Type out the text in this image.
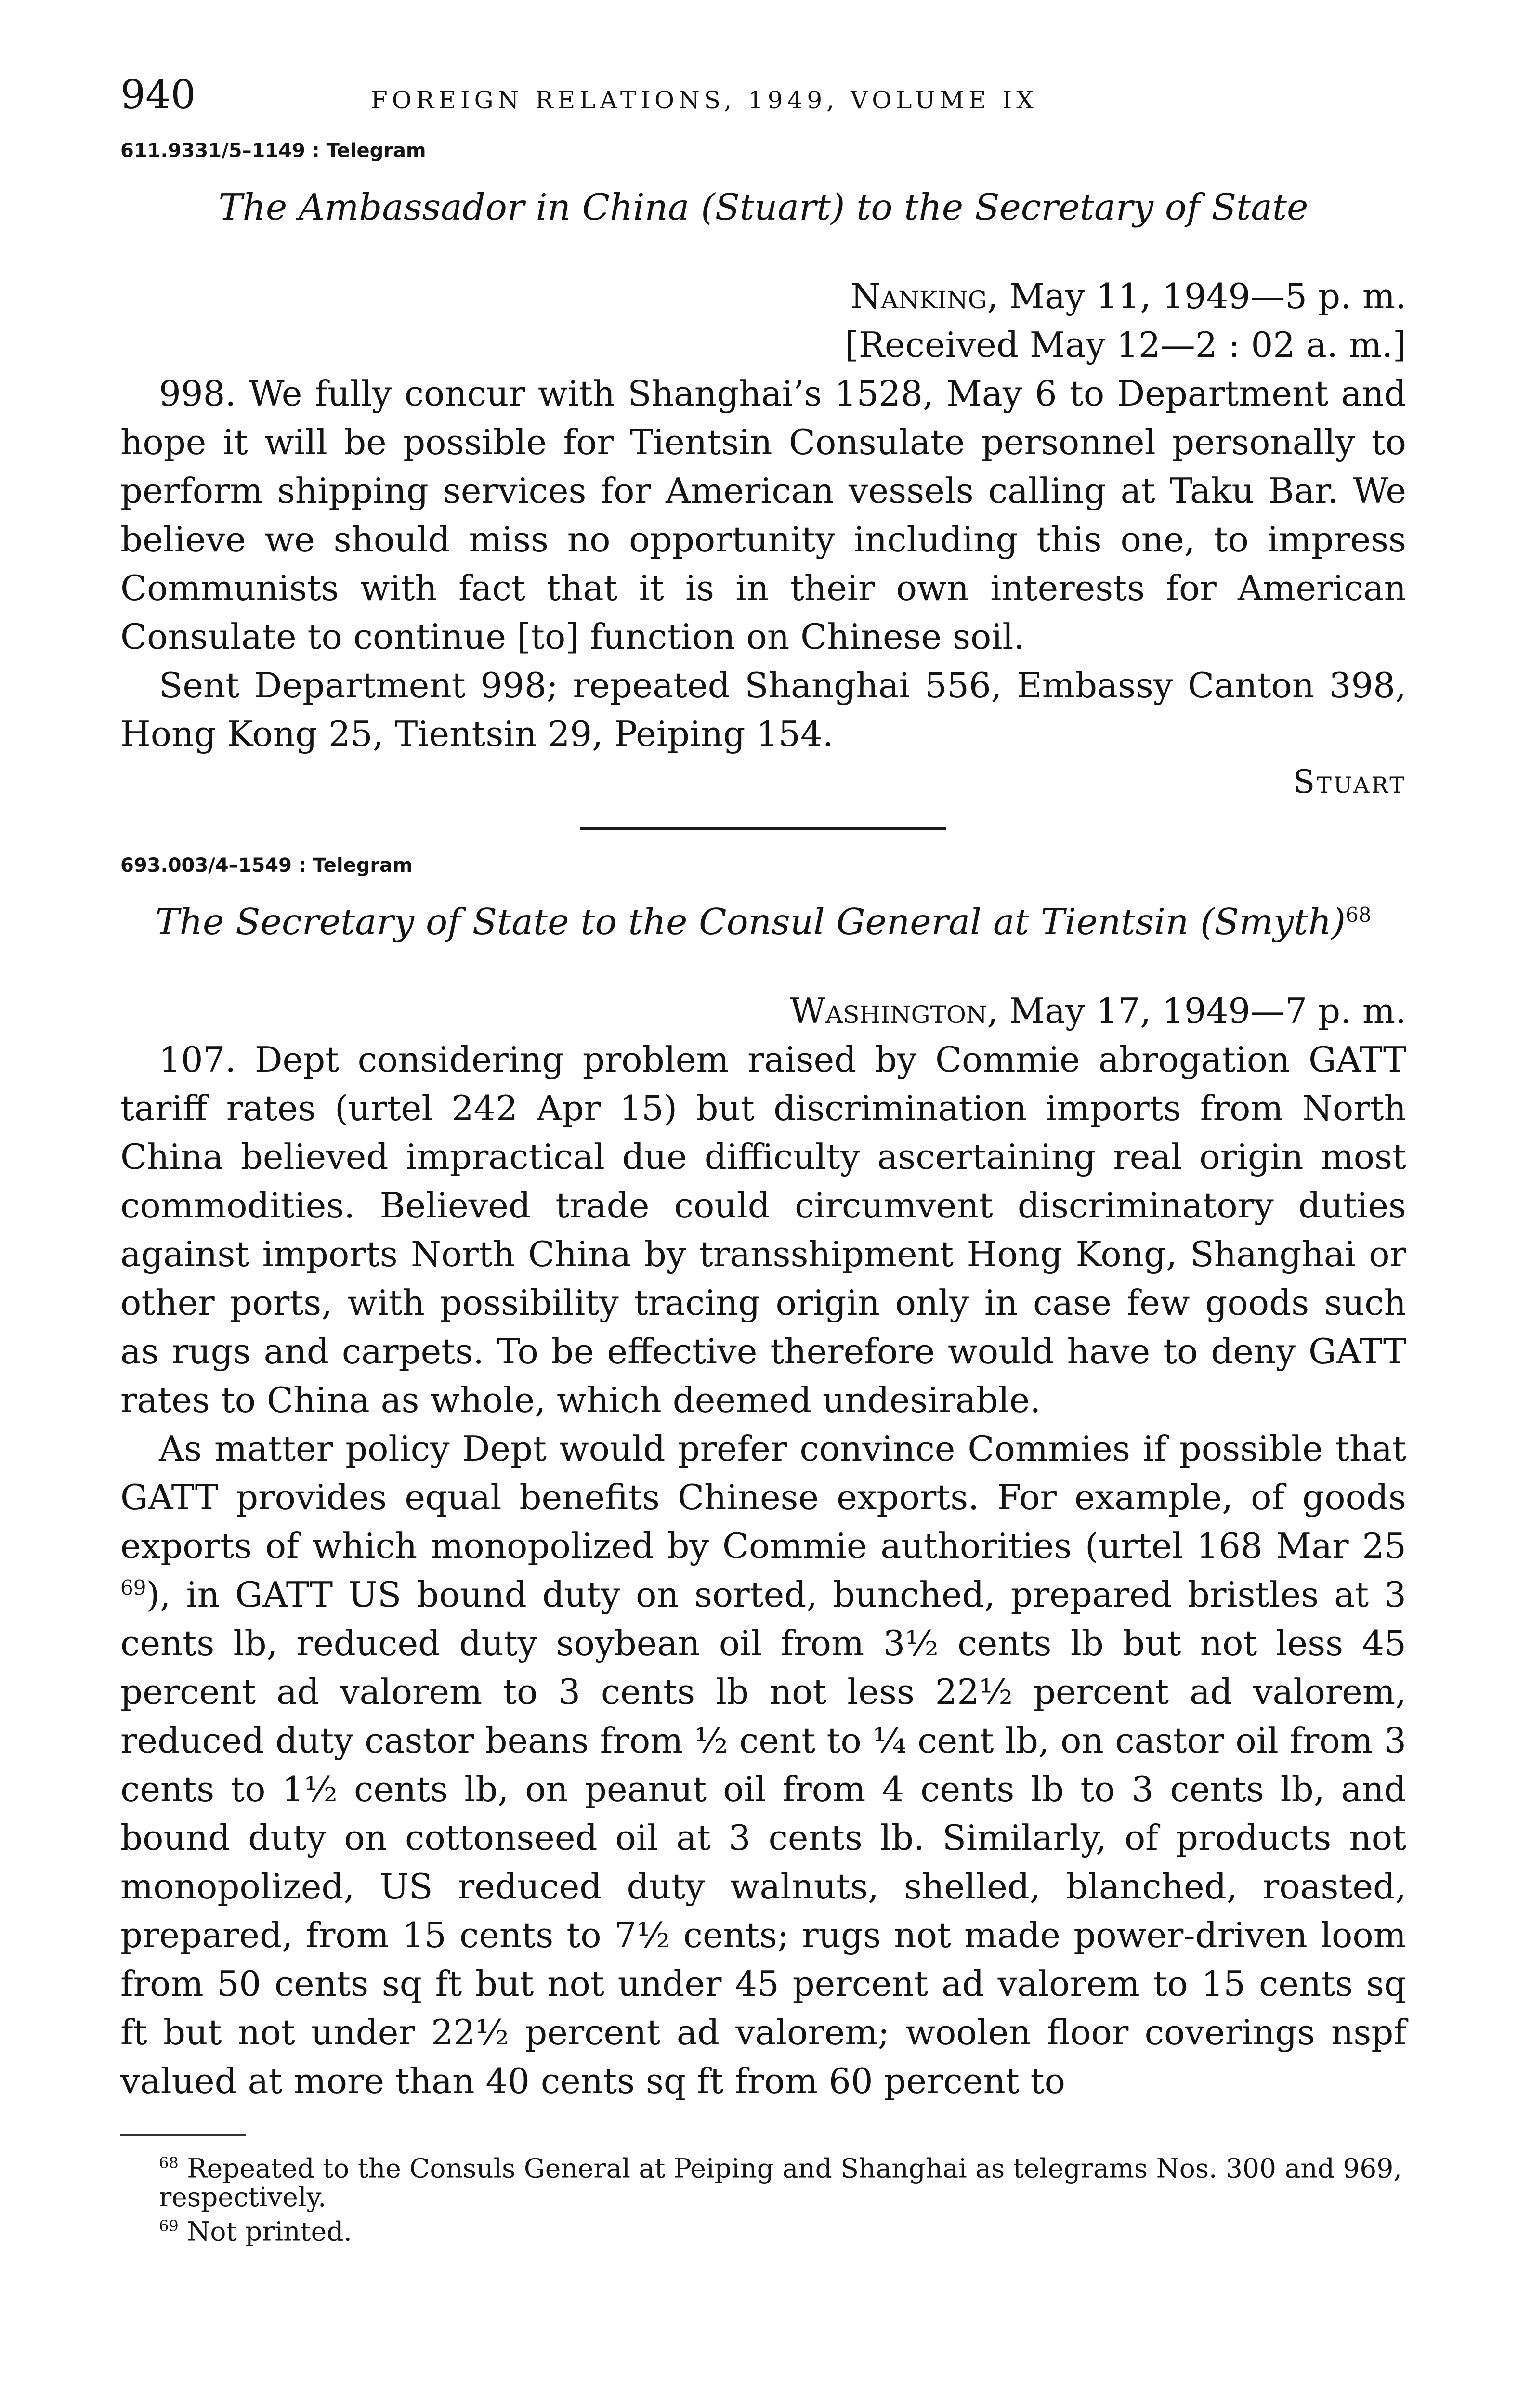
940	FOREIGN RELATIONS, 1949, VOLUME IX
611.9331/5–1149 : Telegram
The Ambassador in China (Stuart) to the Secretary of State
Nanking, May 11, 1949—5 p. m.
[Received May 12—2 : 02 a. m.]

998. We fully concur with Shanghai’s 1528, May 6 to Department and hope it will be possible for Tientsin Consulate personnel personally to perform shipping services for American vessels calling at Taku Bar. We believe we should miss no opportunity including this one, to impress Communists with fact that it is in their own interests for American Consulate to continue [to] function on Chinese soil.

Sent Department 998; repeated Shanghai 556, Embassy Canton 398, Hong Kong 25, Tientsin 29, Peiping 154.

Stuart
693.003/4–1549 : Telegram
The Secretary of State to the Consul General at Tientsin (Smyth)$^{68}$
Washington, May 17, 1949—7 p. m.

107. Dept considering problem raised by Commie abrogation GATT tariff rates (urtel 242 Apr 15) but discrimination imports from North China believed impractical due difficulty ascertaining real origin most commodities. Believed trade could circumvent discriminatory duties against imports North China by transshipment Hong Kong, Shanghai or other ports, with possibility tracing origin only in case few goods such as rugs and carpets. To be effective therefore would have to deny GATT rates to China as whole, which deemed undesirable.

As matter policy Dept would prefer convince Commies if possible that GATT provides equal benefits Chinese exports. For example, of goods exports of which monopolized by Commie authorities (urtel 168 Mar 25 $^{69}$), in GATT US bound duty on sorted, bunched, prepared bristles at 3 cents lb, reduced duty soybean oil from 3½ cents lb but not less 45 percent ad valorem to 3 cents lb not less 22½ percent ad valorem, reduced duty castor beans from ½ cent to ¼ cent lb, on castor oil from 3 cents to 1½ cents lb, on peanut oil from 4 cents lb to 3 cents lb, and bound duty on cottonseed oil at 3 cents lb. Similarly, of products not monopolized, US reduced duty walnuts, shelled, blanched, roasted, prepared, from 15 cents to 7½ cents; rugs not made power-driven loom from 50 cents sq ft but not under 45 percent ad valorem to 15 cents sq ft but not under 22½ percent ad valorem; woolen floor coverings nspf valued at more than 40 cents sq ft from 60 percent to

$^{68}$ Repeated to the Consuls General at Peiping and Shanghai as telegrams Nos. 300 and 969, respectively.

$^{69}$ Not printed.
